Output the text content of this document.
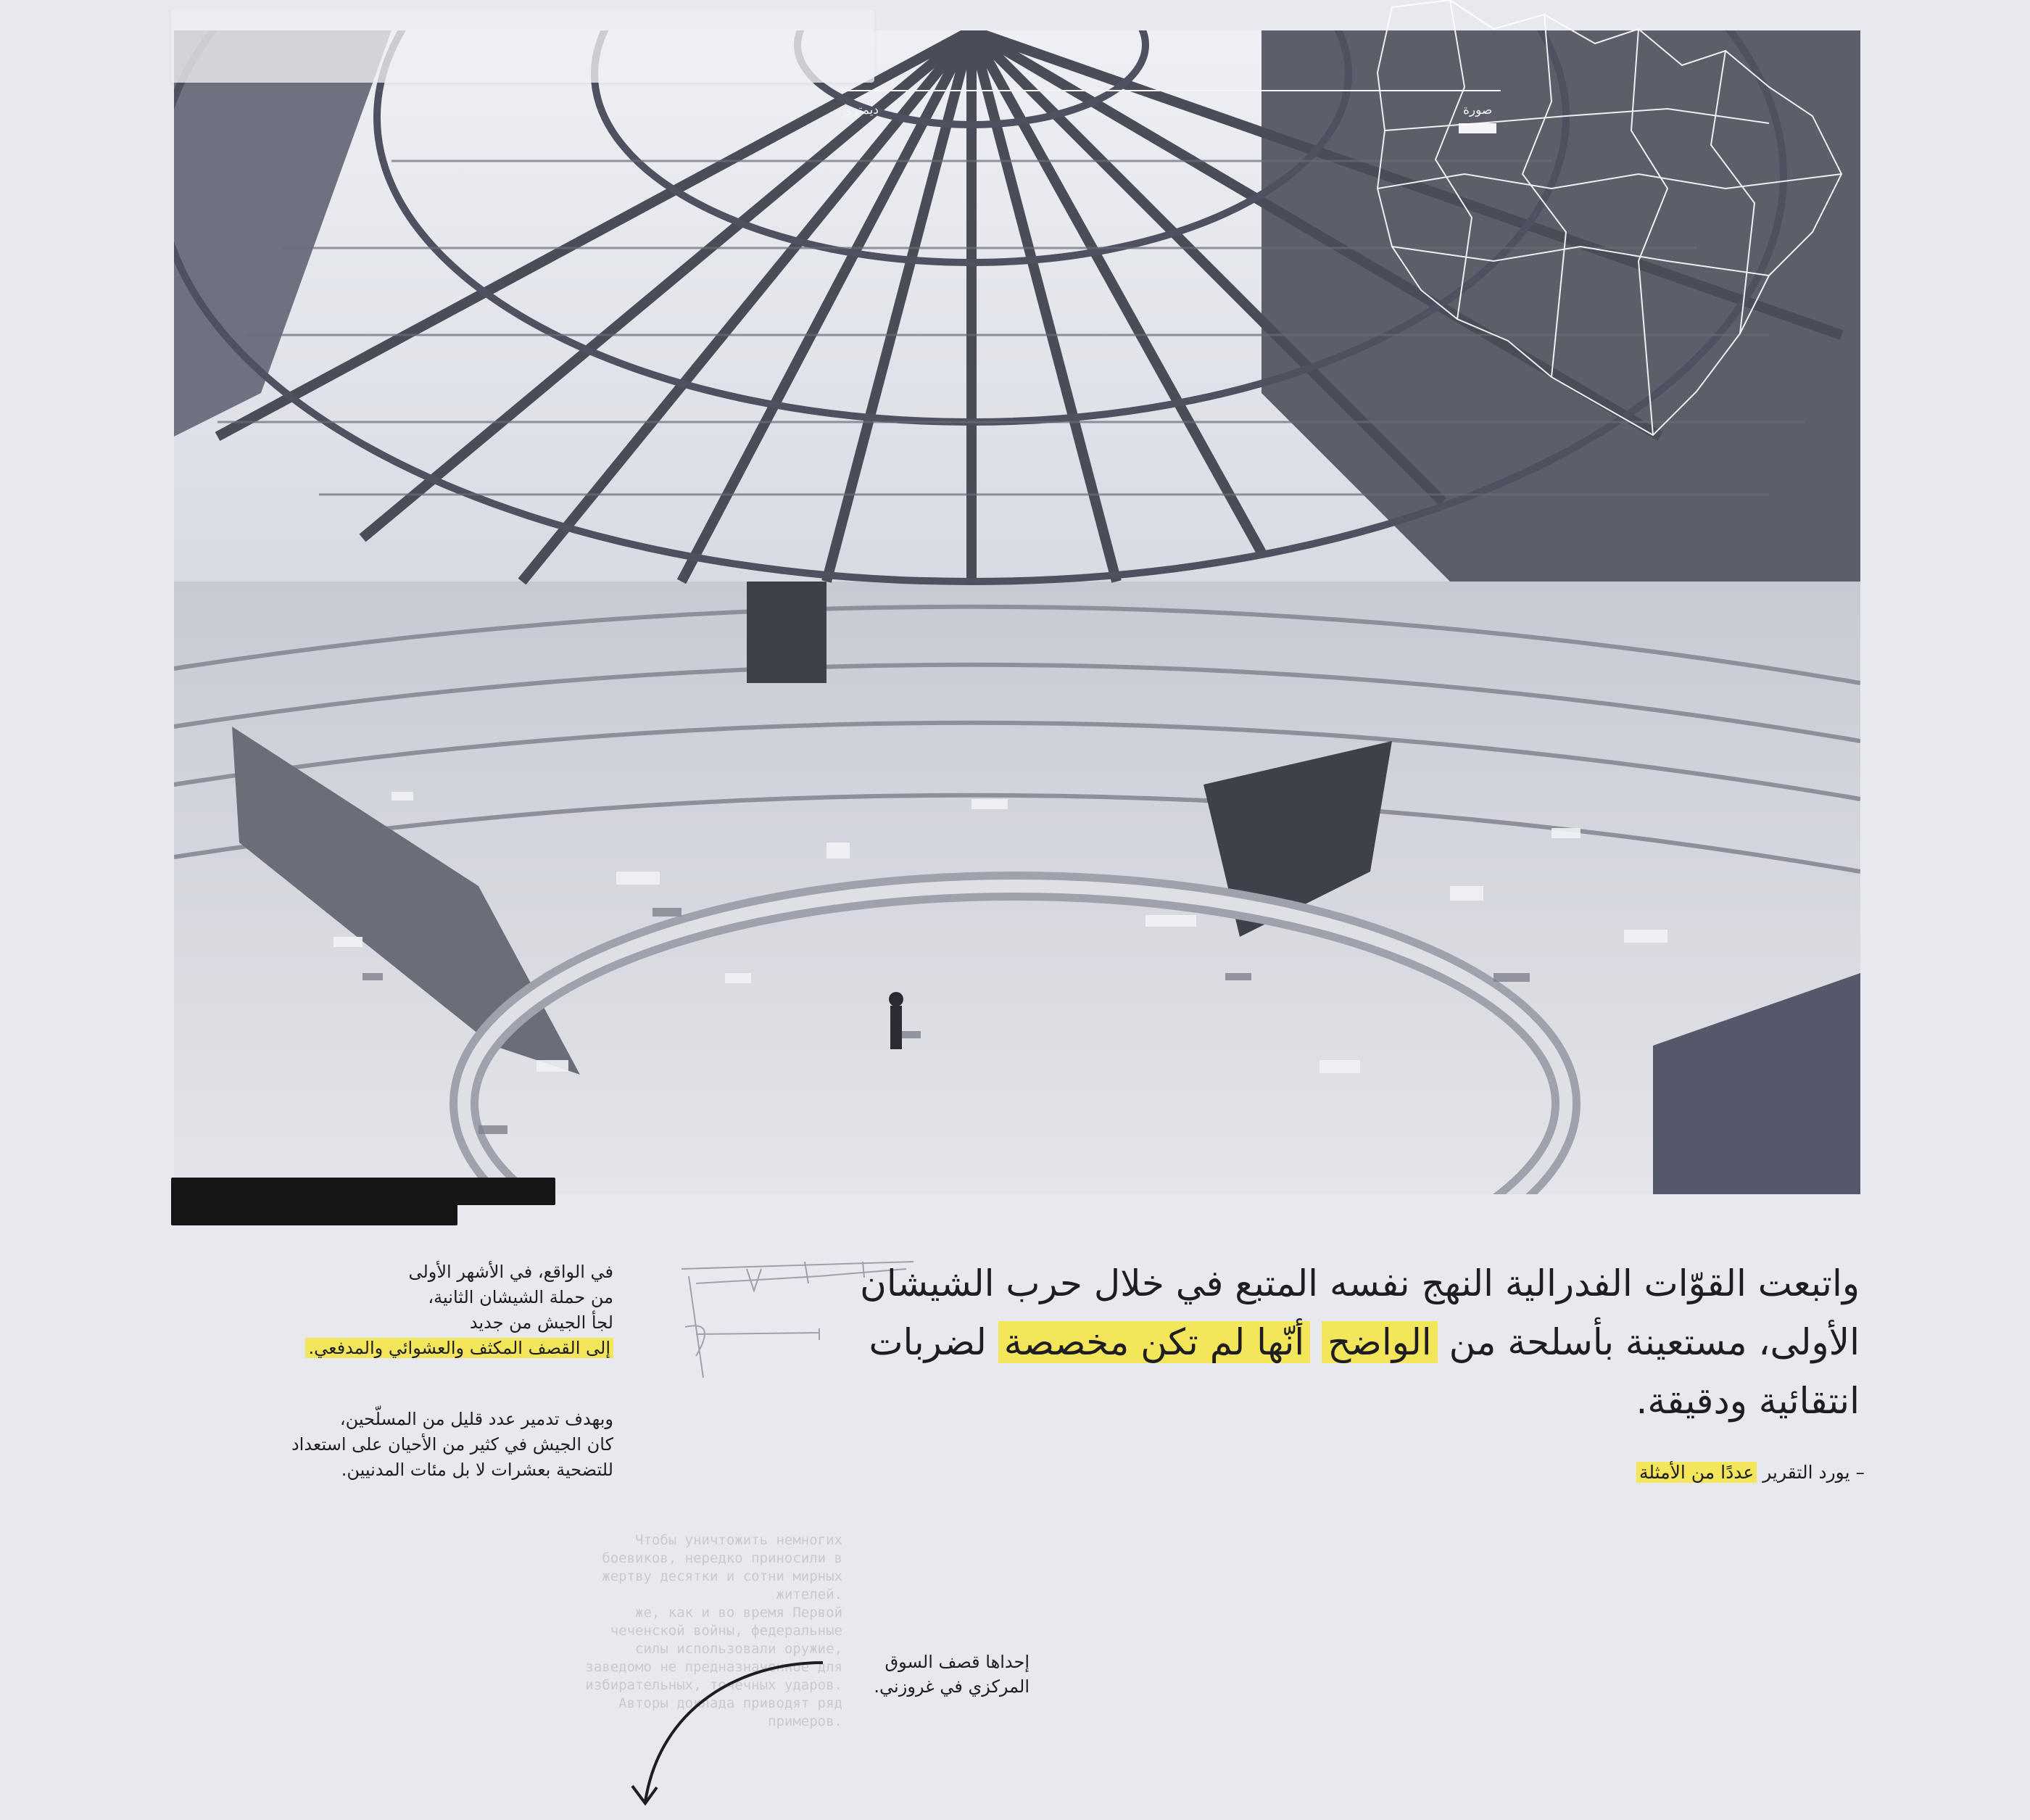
صورة
ديمتري
واتبعت القوّات الفدرالية النهج نفسه المتبع في خلال حرب الشيشان الأولى، مستعينة بأسلحة من الواضح أنّها لم تكن مخصصة لضربات انتقائية ودقيقة.
– يورد التقرير عددًا من الأمثلة
في الواقع، في الأشهر الأولى
من حملة الشيشان الثانية،
لجأ الجيش من جديد
إلى القصف المكثف والعشوائي والمدفعي.
وبهدف تدمير عدد قليل من المسلّحين،
كان الجيش في كثير من الأحيان على استعداد
للتضحية بعشرات لا بل مئات المدنيين.
Чтобы уничтожить немногих
боевиков, нередко приносили в
жертву десятки и сотни мирных
жителей.
же, как и во время Первой
чеченской войны, федеральные
силы использовали оружие,
заведомо не предназначенное для
избирательных, точечных ударов.
Авторы доклада приводят ряд
примеров.
إحداها قصف السوق
المركزي في غروزني.
